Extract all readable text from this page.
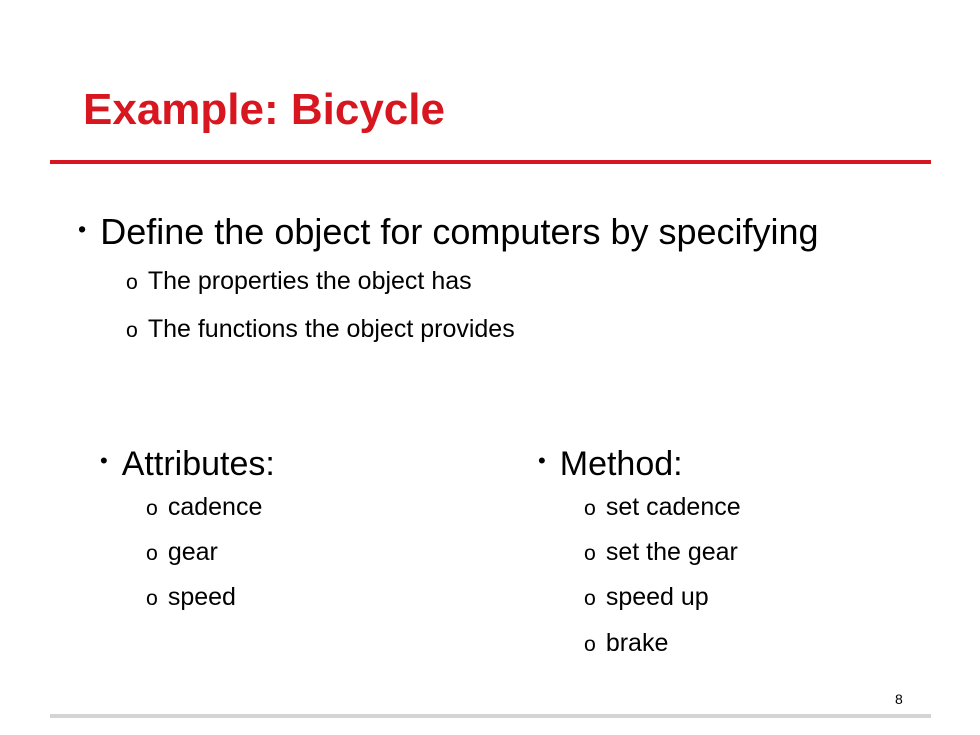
Example: Bicycle
• Define the object for computers by specifying
o The properties the object has
o The functions the object provides
• Attributes:
o cadence
o gear
o speed
• Method:
o set cadence
o set the gear
o speed up
o brake
8
